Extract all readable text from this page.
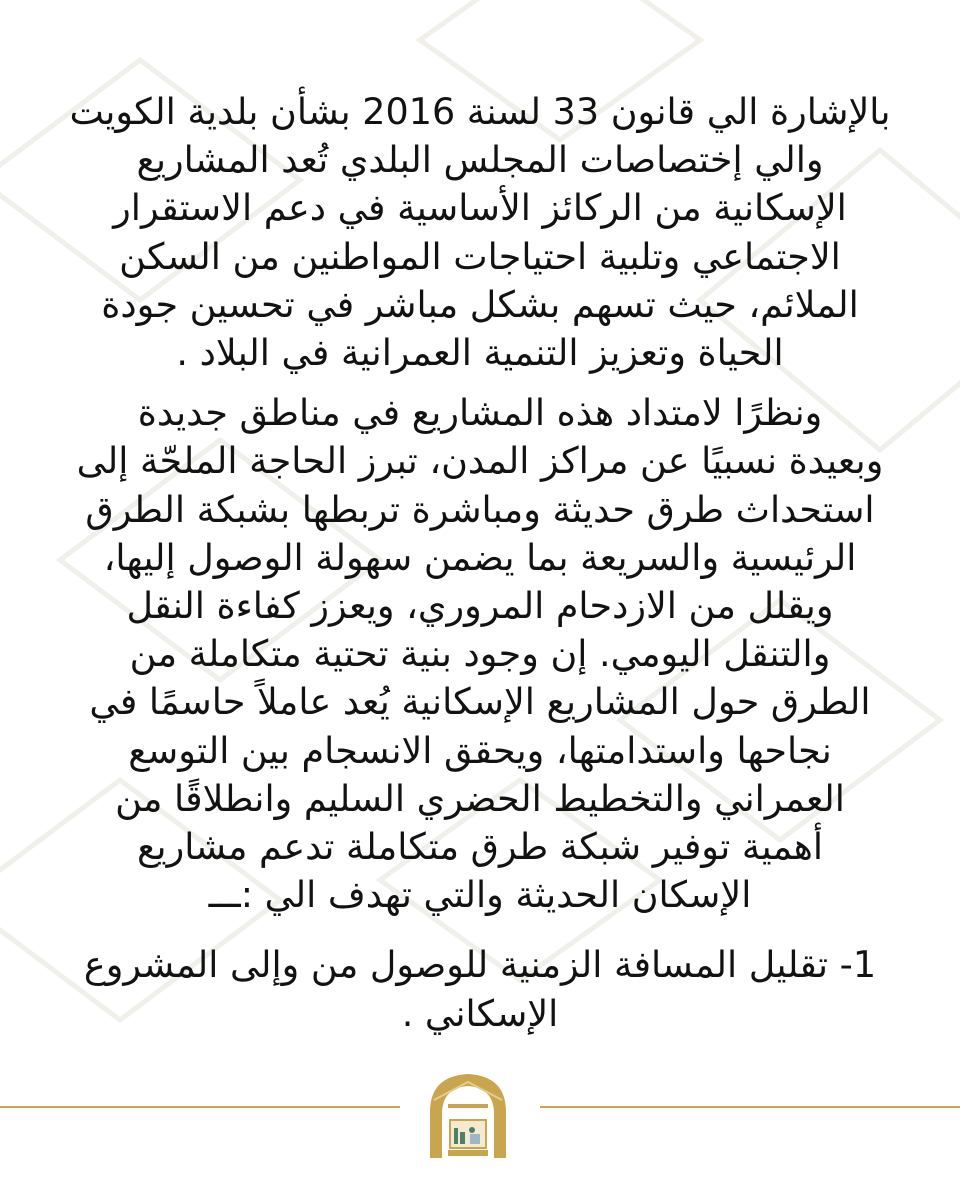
بالإشارة الي قانون 33 لسنة 2016 بشأن بلدية الكويت
والي إختصاصات المجلس البلدي تُعد المشاريع
الإسكانية من الركائز الأساسية في دعم الاستقرار
الاجتماعي وتلبية احتياجات المواطنين من السكن
الملائم، حيث تسهم بشكل مباشر في تحسين جودة
الحياة وتعزيز التنمية العمرانية في البلاد .

ونظرًا لامتداد هذه المشاريع في مناطق جديدة
وبعيدة نسبيًا عن مراكز المدن، تبرز الحاجة الملحّة إلى
استحداث طرق حديثة ومباشرة تربطها بشبكة الطرق
الرئيسية والسريعة بما يضمن سهولة الوصول إليها،
ويقلل من الازدحام المروري، ويعزز كفاءة النقل
والتنقل اليومي. إن وجود بنية تحتية متكاملة من
الطرق حول المشاريع الإسكانية يُعد عاملاً حاسمًا في
نجاحها واستدامتها، ويحقق الانسجام بين التوسع
العمراني والتخطيط الحضري السليم وانطلاقًا من
أهمية توفير شبكة طرق متكاملة تدعم مشاريع
الإسكان الحديثة والتي تهدف الي :ـــ

1- تقليل المسافة الزمنية للوصول من وإلى المشروع
الإسكاني .
